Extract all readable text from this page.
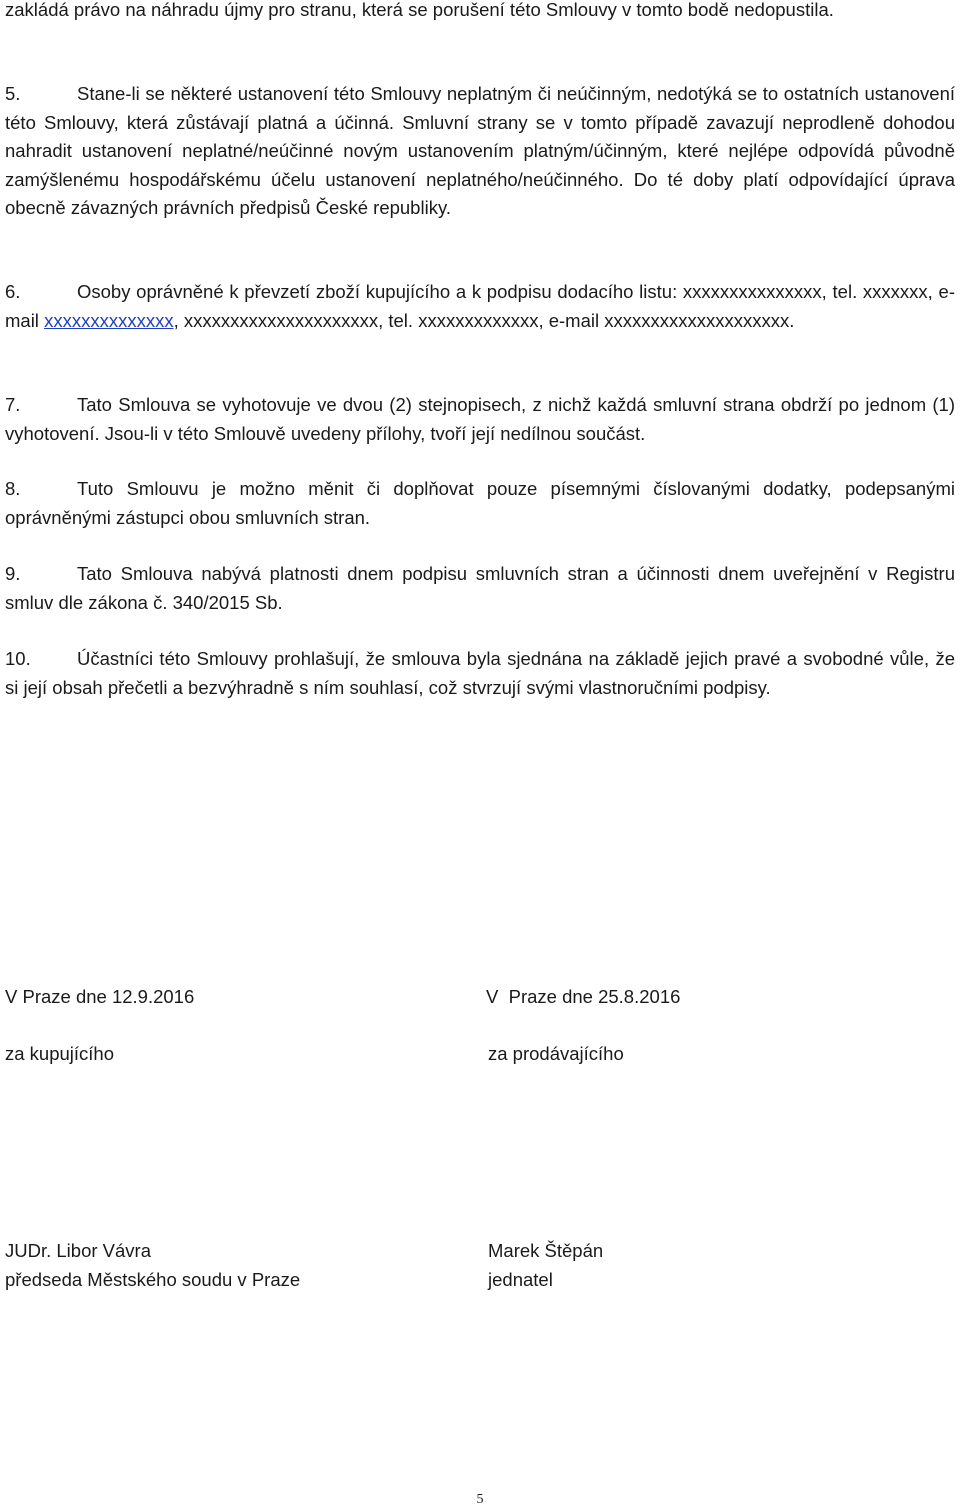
zakládá právo na náhradu újmy pro stranu, která se porušení této Smlouvy v tomto bodě nedopustila.

5.	Stane-li se některé ustanovení této Smlouvy neplatným či neúčinným, nedotýká se to ostatních ustanovení této Smlouvy, která zůstávají platná a účinná. Smluvní strany se v tomto případě zavazují neprodleně dohodou nahradit ustanovení neplatné/neúčinné novým ustanovením platným/účinným, které nejlépe odpovídá původně zamýšlenému hospodářskému účelu ustanovení neplatného/neúčinného. Do té doby platí odpovídající úprava obecně závazných právních předpisů České republiky.

6.	Osoby oprávněné k převzetí zboží kupujícího a k podpisu dodacího listu: xxxxxxxxxxxxxxx, tel. xxxxxxx, e-mail xxxxxxxxxxxxxx, xxxxxxxxxxxxxxxxxxxxx, tel. xxxxxxxxxxxxx, e-mail xxxxxxxxxxxxxxxxxxxx.

7.	Tato Smlouva se vyhotovuje ve dvou (2) stejnopisech, z nichž každá smluvní strana obdrží po jednom (1) vyhotovení. Jsou-li v této Smlouvě uvedeny přílohy, tvoří její nedílnou součást.

8.	Tuto Smlouvu je možno měnit či doplňovat pouze písemnými číslovanými dodatky, podepsanými oprávněnými zástupci obou smluvních stran.

9.	Tato Smlouva nabývá platnosti dnem podpisu smluvních stran a účinnosti dnem uveřejnění v Registru smluv dle zákona č. 340/2015 Sb.

10.	Účastníci této Smlouvy prohlašují, že smlouva byla sjednána na základě jejich pravé a svobodné vůle, že si její obsah přečetli a bezvýhradně s ním souhlasí, což stvrzují svými vlastnoručními podpisy.

V Praze dne 12.9.2016	V  Praze dne 25.8.2016

za kupujícího	za prodávajícího

JUDr. Libor Vávra	Marek Štěpán

předseda Městského soudu v Praze	jednatel

5
